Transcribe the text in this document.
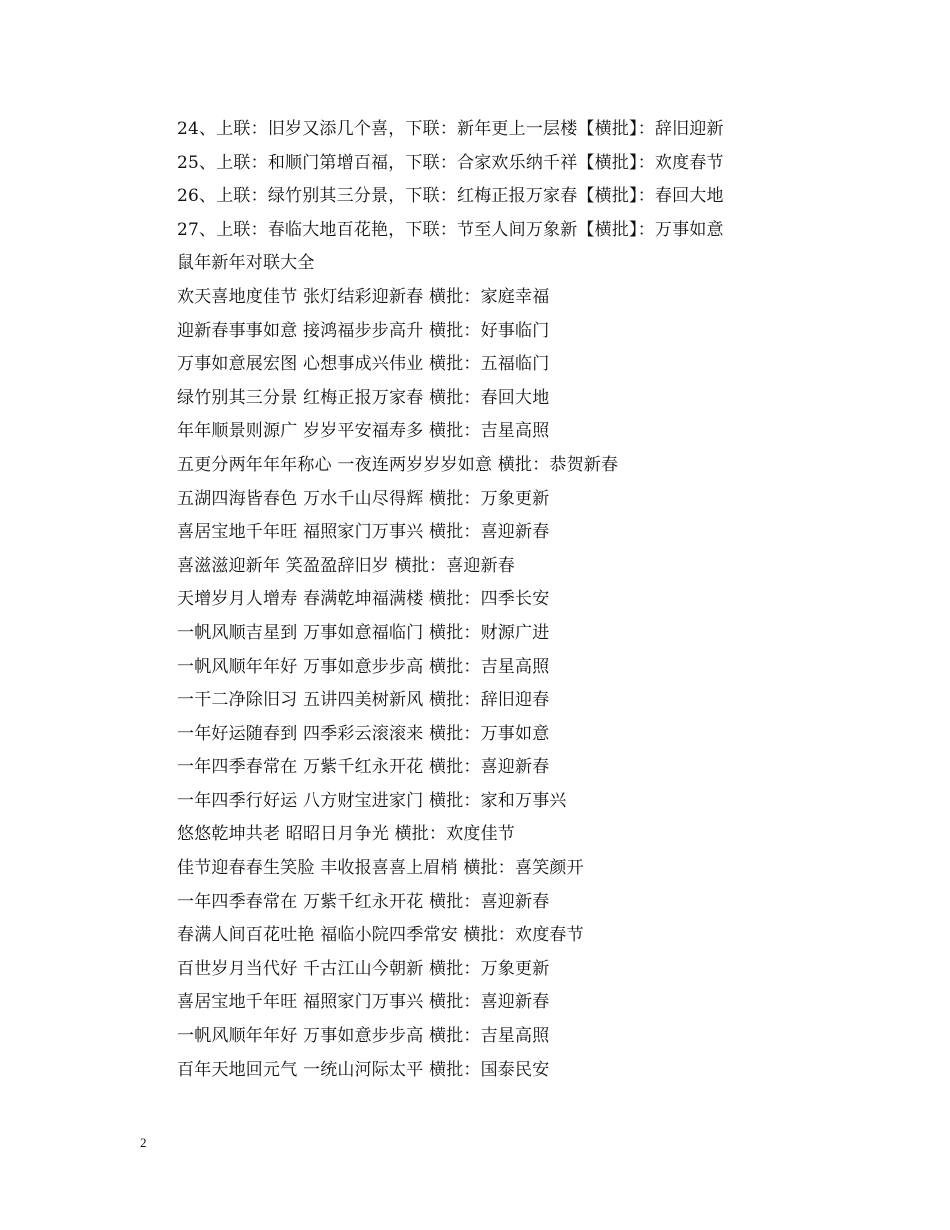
24、上联：旧岁又添几个喜，下联：新年更上一层楼【横批】：辞旧迎新
25、上联：和顺门第增百福，下联：合家欢乐纳千祥【横批】：欢度春节
26、上联：绿竹别其三分景，下联：红梅正报万家春【横批】：春回大地
27、上联：春临大地百花艳，下联：节至人间万象新【横批】：万事如意
鼠年新年对联大全
欢天喜地度佳节 张灯结彩迎新春 横批：家庭幸福
迎新春事事如意 接鸿福步步高升 横批：好事临门
万事如意展宏图 心想事成兴伟业 横批：五福临门
绿竹别其三分景 红梅正报万家春 横批：春回大地
年年顺景则源广 岁岁平安福寿多 横批：吉星高照
五更分两年年年称心 一夜连两岁岁岁如意 横批：恭贺新春
五湖四海皆春色 万水千山尽得辉 横批：万象更新
喜居宝地千年旺 福照家门万事兴 横批：喜迎新春
喜滋滋迎新年 笑盈盈辞旧岁 横批：喜迎新春
天增岁月人增寿 春满乾坤福满楼 横批：四季长安
一帆风顺吉星到 万事如意福临门 横批：财源广进
一帆风顺年年好 万事如意步步高 横批：吉星高照
一干二净除旧习 五讲四美树新风 横批：辞旧迎春
一年好运随春到 四季彩云滚滚来 横批：万事如意
一年四季春常在 万紫千红永开花 横批：喜迎新春
一年四季行好运 八方财宝进家门 横批：家和万事兴
悠悠乾坤共老 昭昭日月争光 横批：欢度佳节
佳节迎春春生笑脸 丰收报喜喜上眉梢 横批：喜笑颜开
一年四季春常在 万紫千红永开花 横批：喜迎新春
春满人间百花吐艳 福临小院四季常安 横批：欢度春节
百世岁月当代好 千古江山今朝新 横批：万象更新
喜居宝地千年旺 福照家门万事兴 横批：喜迎新春
一帆风顺年年好 万事如意步步高 横批：吉星高照
百年天地回元气 一统山河际太平 横批：国泰民安
2
